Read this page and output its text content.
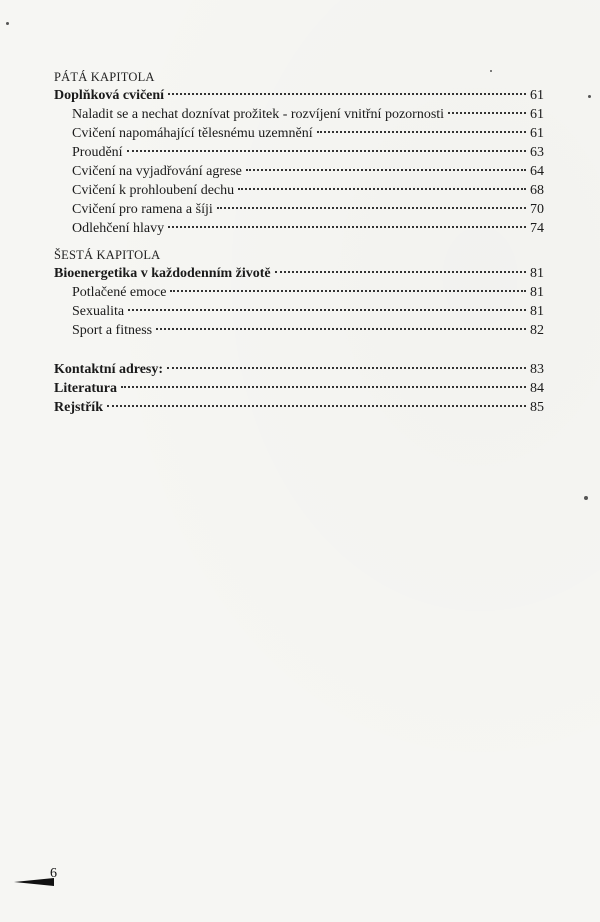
PÁTÁ KAPITOLA
Doplňková cvičení	61
Naladit se a nechat doznívat prožitek - rozvíjení vnitřní pozornosti	61
Cvičení napomáhající tělesnému uzemnění	61
Proudění	63
Cvičení na vyjadřování agrese	64
Cvičení k prohloubení dechu	68
Cvičení pro ramena a šíji	70
Odlehčení hlavy	74
ŠESTÁ KAPITOLA
Bioenergetika v každodenním životě	81
Potlačené emoce	81
Sexualita	81
Sport a fitness	82
Kontaktní adresy:	83
Literatura	84
Rejstřík	85
6
